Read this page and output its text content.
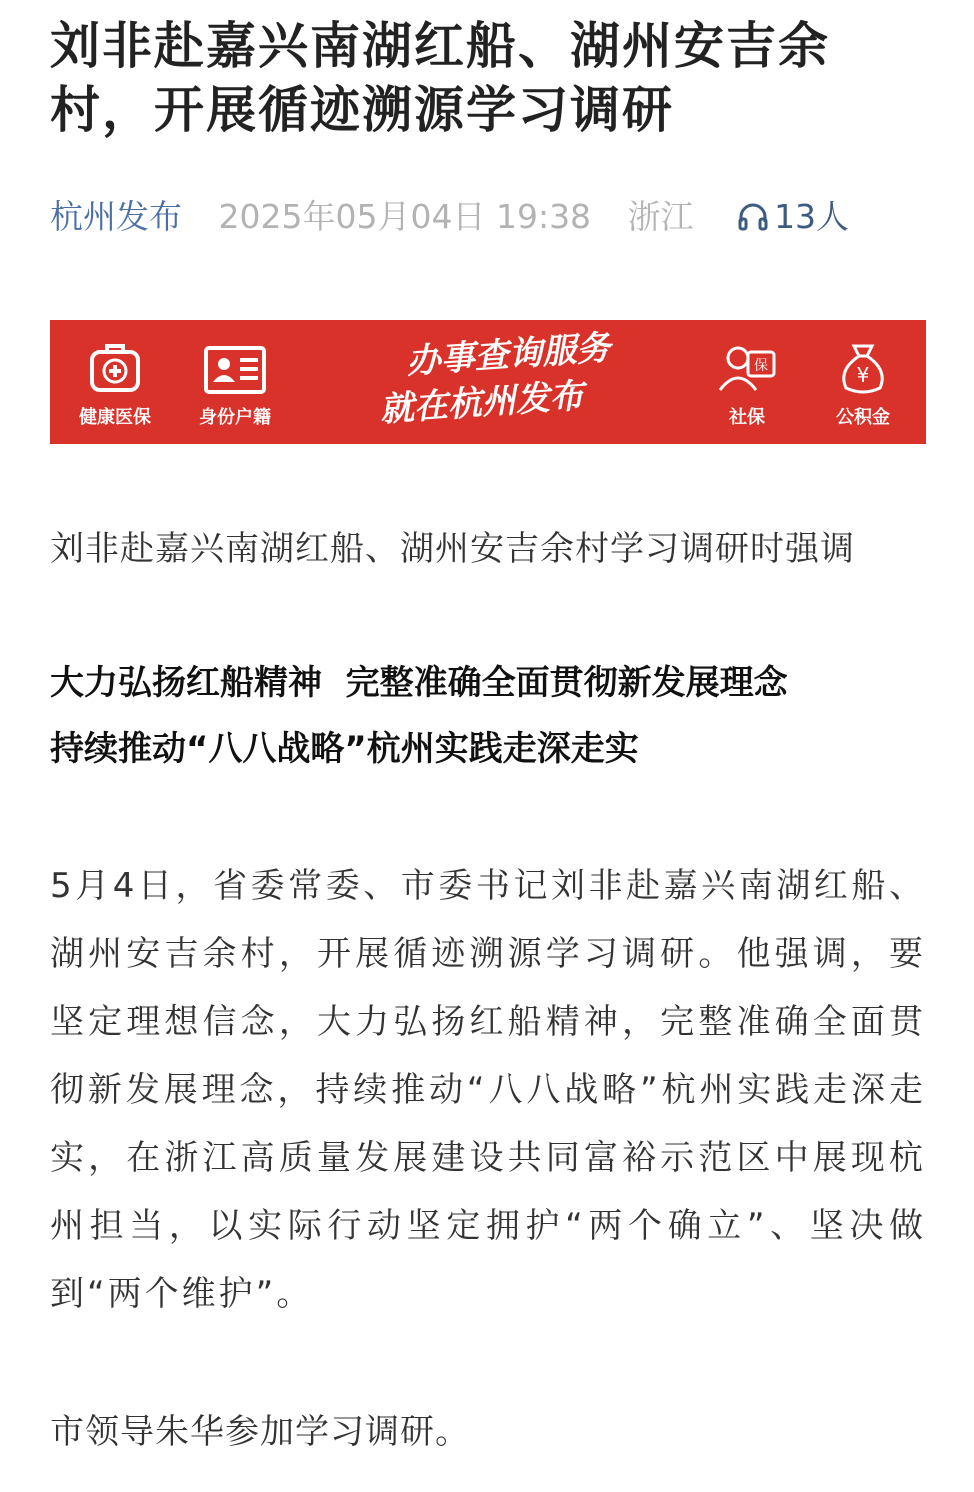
刘非赴嘉兴南湖红船、湖州安吉余村，开展循迹溯源学习调研
杭州发布 2025年05月04日 19:38 浙江 13人
健康医保	身份户籍
办事查询服务
就在杭州发布
保
社保
¥
公积金
刘非赴嘉兴南湖红船、湖州安吉余村学习调研时强调
大力弘扬红船精神  完整准确全面贯彻新发展理念
持续推动“八八战略”杭州实践走深走实
5月4日，省委常委、市委书记刘非赴嘉兴南湖红船、湖州安吉余村，开展循迹溯源学习调研。他强调，要坚定理想信念，大力弘扬红船精神，完整准确全面贯彻新发展理念，持续推动“八八战略”杭州实践走深走实，在浙江高质量发展建设共同富裕示范区中展现杭州担当，以实际行动坚定拥护“两个确立”、坚决做到“两个维护”。
市领导朱华参加学习调研。
